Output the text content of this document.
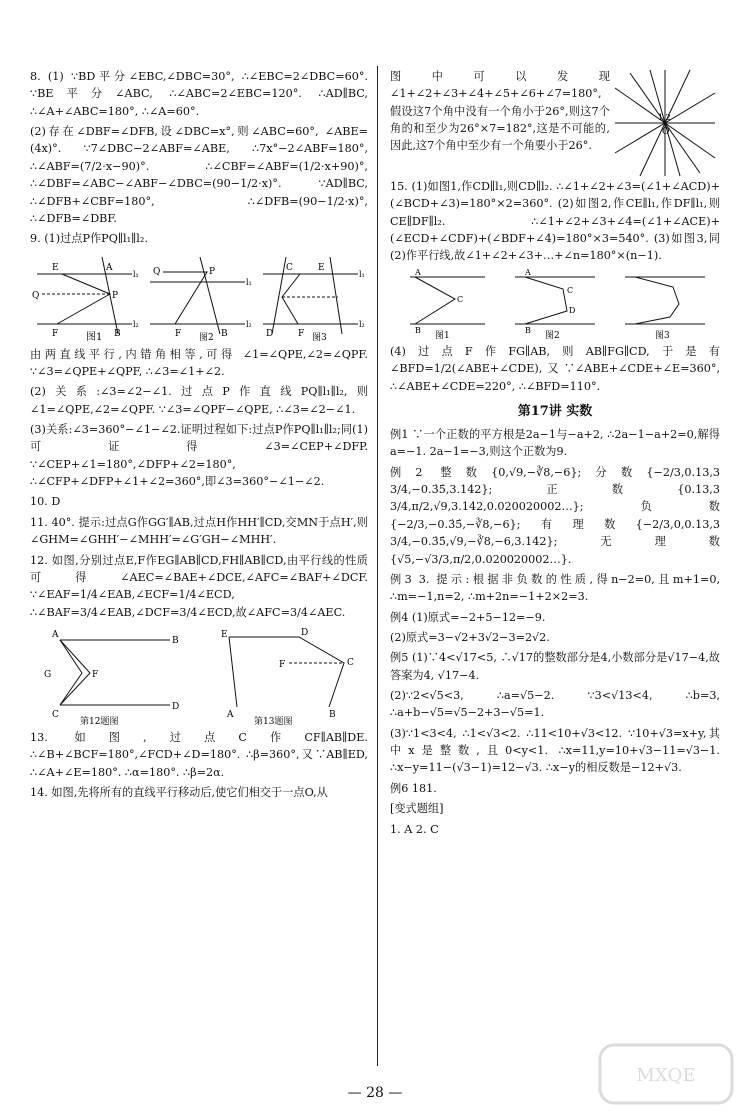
8. (1) ∵BD平分∠EBC,∠DBC=30°, ∴∠EBC=2∠DBC=60°. ∵BE平分∠ABC, ∴∠ABC=2∠EBC=120°. ∴AD∥BC, ∴∠A+∠ABC=180°, ∴∠A=60°.

(2)存在∠DBF=∠DFB,设∠DBC=x°,则∠ABC=60°, ∠ABE=(4x)°. ∵7∠DBC−2∠ABF=∠ABE, ∴7x°−2∠ABF=180°, ∴∠ABF=(7/2·x−90)°. ∴∠CBF=∠ABF=(1/2·x+90)°, ∴∠DBF=∠ABC−∠ABF−∠DBC=(90−1/2·x)°. ∵AD∥BC, ∴∠DFB+∠CBF=180°, ∴∠DFB=(90−1/2·x)°, ∴∠DFB=∠DBF.

9. (1)过点P作PQ∥l₁∥l₂.

E	A
P
F	B
Q
l₁
l₂
图1
Q	P
F	B
l₁
l₂
图2
C	E
D	F
l₁
l₂
图3

由两直线平行,内错角相等,可得 ∠1=∠QPE,∠2=∠QPF. ∵∠3=∠QPE+∠QPF, ∴∠3=∠1+∠2.

(2)关系:∠3=∠2−∠1.过点P作直线PQ∥l₁∥l₂,则∠1=∠QPE,∠2=∠QPF. ∵∠3=∠QPF−∠QPE, ∴∠3=∠2−∠1.

(3)关系:∠3=360°−∠1−∠2.证明过程如下:过点P作PQ∥l₁∥l₂;同(1)可证得∠3=∠CEP+∠DFP. ∵∠CEP+∠1=180°,∠DFP+∠2=180°, ∴∠CFP+∠DFP+∠1+∠2=360°,即∠3=360°−∠1−∠2.

10. D

11. 40°. 提示:过点G作GG′∥AB,过点H作HH′∥CD,交MN于点H′,则∠GHM=∠GHH′−∠MHH′=∠G′GH−∠MHH′.

12. 如图,分别过点E,F作EG∥AB∥CD,FH∥AB∥CD,由平行线的性质可得∠AEC=∠BAE+∠DCE,∠AFC=∠BAF+∠DCF. ∵∠EAF=1/4∠EAB,∠ECF=1/4∠ECD, ∴∠BAF=3/4∠EAB,∠DCF=3/4∠ECD,故∠AFC=3/4∠AEC.

A
B
G	F
C
D
第12题图
E	D
F	C
A	B
第13题图

13. 如图,过点C作CF∥AB∥DE. ∴∠B+∠BCF=180°,∠FCD+∠D=180°. ∴β=360°,又∵AB∥ED, ∴∠A+∠E=180°. ∴α=180°. ∴β=2α.

14. 如图,先将所有的直线平行移动后,使它们相交于一点O,从

图中可以发现∠1+∠2+∠3+∠4+∠5+∠6+∠7=180°,假设这7个角中没有一个角小于26°,则这7个角的和至少为26°×7=182°,这是不可能的,因此,这7个角中至少有一个角要小于26°.

1 2
O

15. (1)如图1,作CD∥l₁,则CD∥l₂. ∴∠1+∠2+∠3=(∠1+∠ACD)+(∠BCD+∠3)=180°×2=360°. (2)如图2,作CE∥l₁,作DF∥l₁,则CE∥DF∥l₂. ∴∠1+∠2+∠3+∠4=(∠1+∠ACE)+(∠ECD+∠CDF)+(∠BDF+∠4)=180°×3=540°. (3)如图3,同(2)作平行线,故∠1+∠2+∠3+…+∠n=180°×(n−1).

A
C
B
图1
A
C
D
B
图2	图3

(4)过点F作FG∥AB,则AB∥FG∥CD,于是有∠BFD=1/2(∠ABE+∠CDE),又∵∠ABE+∠CDE+∠E=360°, ∴∠ABE+∠CDE=220°, ∴∠BFD=110°.

第17讲 实数

例1 ∵一个正数的平方根是2a−1与−a+2, ∴2a−1−a+2=0,解得a=−1. 2a−1=−3,则这个正数为9.

例2 整数{0,√9,−∛8,−6};分数{−2/3,0.13,3 3/4,−0.3̇5̇,3.142};正数{0.13,3 3/4,π/2,√9,3.142,0.020020002…};负数{−2/3,−0.3̇5̇,−∛8,−6};有理数{−2/3,0,0.13,3 3/4,−0.3̇5̇,√9,−∛8,−6,3.142};无理数{√5,−√3/3,π/2,0.020020002…}.

例3 3. 提示:根据非负数的性质,得n−2=0,且m+1=0, ∴m=−1,n=2, ∴m+2n=−1+2×2=3.

例4 (1)原式=−2+5−12=−9.

(2)原式=3−√2+3√2−3=2√2.

例5 (1)∵4<√17<5, ∴√17的整数部分是4,小数部分是√17−4,故答案为4, √17−4.

(2)∵2<√5<3, ∴a=√5−2. ∵3<√13<4, ∴b=3, ∴a+b−√5=√5−2+3−√5=1.

(3)∵1<3<4, ∴1<√3<2. ∴11<10+√3<12. ∵10+√3=x+y,其中x是整数,且0<y<1. ∴x=11,y=10+√3−11=√3−1. ∴x−y=11−(√3−1)=12−√3. ∴x−y的相反数是−12+√3.

例6 181.

[变式题组]

1. A 2. C

— 28 —
MXQE
